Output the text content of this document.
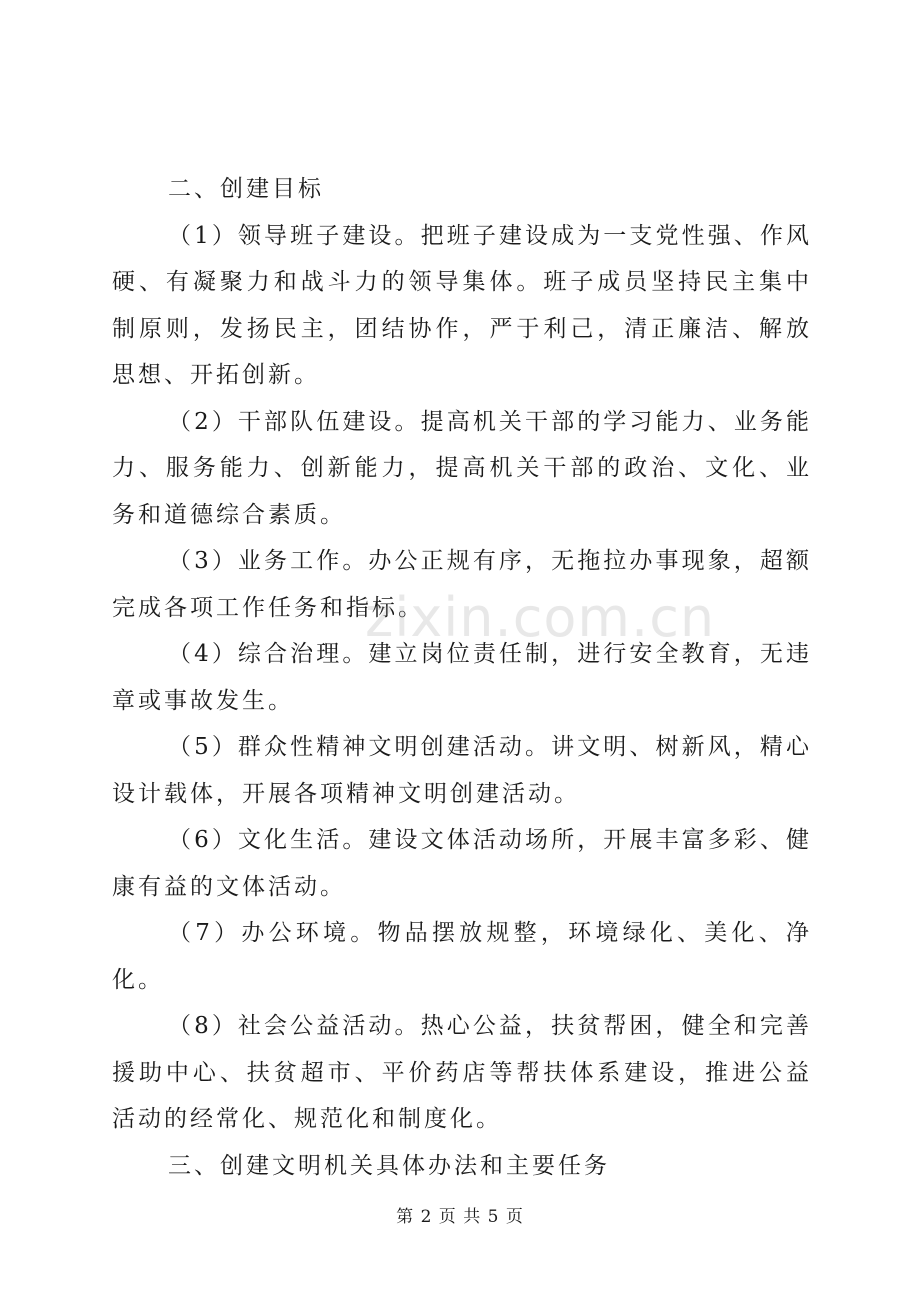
二、创建目标

（1）领导班子建设。把班子建设成为一支党性强、作风硬、有凝聚力和战斗力的领导集体。班子成员坚持民主集中制原则，发扬民主，团结协作，严于利己，清正廉洁、解放思想、开拓创新。

（2）干部队伍建设。提高机关干部的学习能力、业务能力、服务能力、创新能力，提高机关干部的政治、文化、业务和道德综合素质。

（3）业务工作。办公正规有序，无拖拉办事现象，超额完成各项工作任务和指标。

（4）综合治理。建立岗位责任制，进行安全教育，无违章或事故发生。

（5）群众性精神文明创建活动。讲文明、树新风，精心设计载体，开展各项精神文明创建活动。

（6）文化生活。建设文体活动场所，开展丰富多彩、健康有益的文体活动。

（7）办公环境。物品摆放规整，环境绿化、美化、净化。

（8）社会公益活动。热心公益，扶贫帮困，健全和完善援助中心、扶贫超市、平价药店等帮扶体系建设，推进公益活动的经常化、规范化和制度化。

三、创建文明机关具体办法和主要任务

zixin.com.cn
第 2 页 共 5 页
